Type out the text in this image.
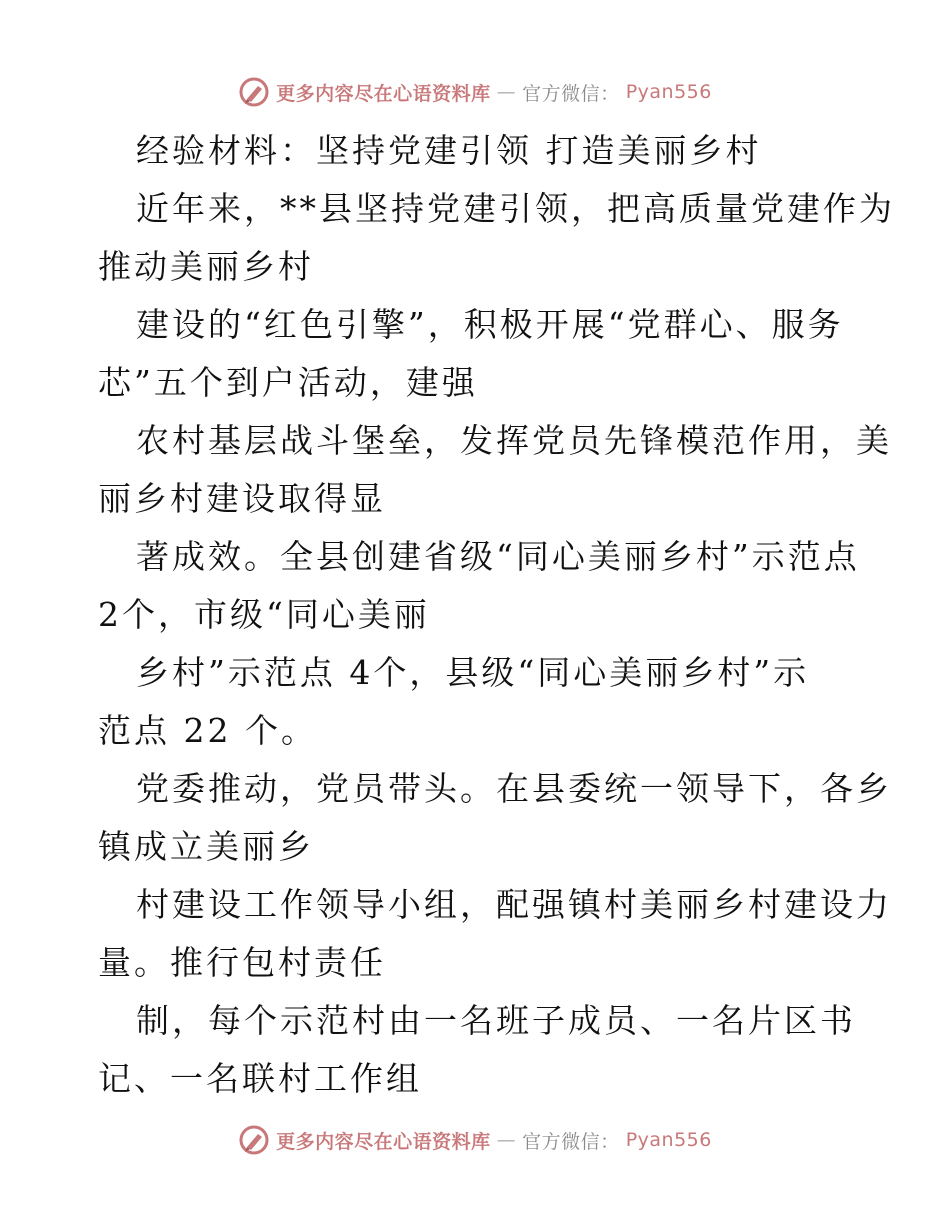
更多内容尽在心语资料库 — 官方微信： Pyan556
经验材料：坚持党建引领 打造美丽乡村
近年来，**县坚持党建引领，把高质量党建作为
推动美丽乡村
建设的“红色引擎”，积极开展“党群心、服务
芯”五个到户活动，建强
农村基层战斗堡垒，发挥党员先锋模范作用，美
丽乡村建设取得显
著成效。全县创建省级“同心美丽乡村”示范点
2个，市级“同心美丽
乡村”示范点 4个，县级“同心美丽乡村”示
范点 22 个。
党委推动，党员带头。在县委统一领导下，各乡
镇成立美丽乡
村建设工作领导小组，配强镇村美丽乡村建设力
量。推行包村责任
制，每个示范村由一名班子成员、一名片区书
记、一名联村工作组
更多内容尽在心语资料库 — 官方微信： Pyan556
